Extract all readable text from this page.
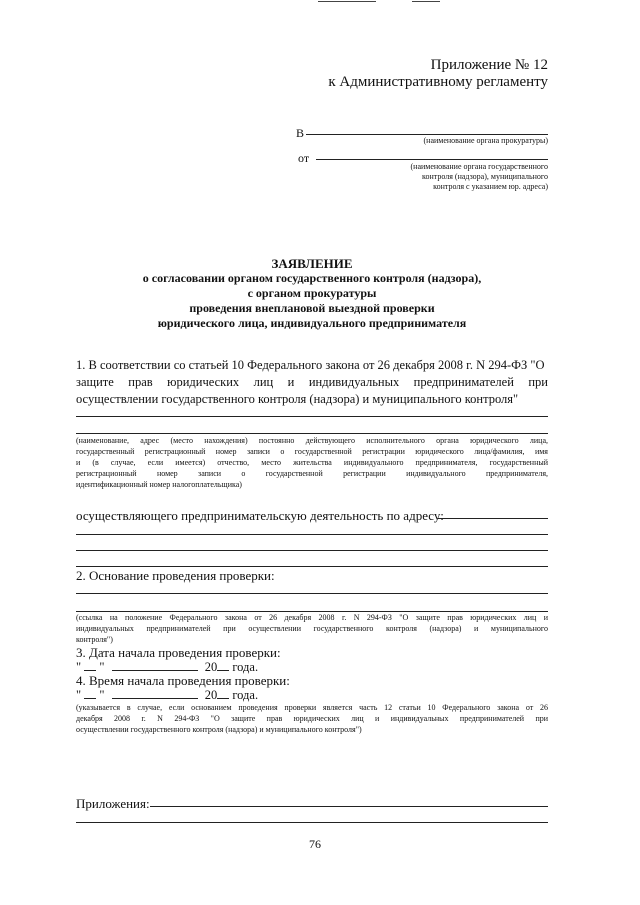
Приложение № 12
к Административному регламенту
В
(наименование органа прокуратуры)
от
(наименование органа государственного
контроля (надзора), муниципального
контроля с указанием юр. адреса)
ЗАЯВЛЕНИЕ
о согласовании органом государственного контроля (надзора),
с органом прокуратуры
проведения внеплановой выездной проверки
юридического лица, индивидуального предпринимателя
1. В соответствии со статьей 10 Федерального закона от 26 декабря 2008 г. N 294-ФЗ "О
защите прав юридических лиц и индивидуальных предпринимателей при
осуществлении государственного контроля (надзора) и муниципального контроля"
(наименование, адрес (место нахождения) постоянно действующего исполнительного органа юридического лица,
государственный регистрационный номер записи о государственной регистрации юридического лица/фамилия, имя
и (в случае, если имеется) отчество, место жительства индивидуального предпринимателя, государственный
регистрационный номер записи о государственной регистрации индивидуального предпринимателя,
идентификационный номер налогоплательщика)
осуществляющего предпринимательскую деятельность по адресу:
2. Основание проведения проверки:
(ссылка на положение Федерального закона от 26 декабря 2008 г. N 294-ФЗ "О защите прав юридических лиц и
индивидуальных предпринимателей при осуществлении государственного контроля (надзора) и муниципального
контроля")
3. Дата начала проведения проверки:
" "	20 года.
4. Время начала проведения проверки:
" "	20 года.
(указывается в случае, если основанием проведения проверки является часть 12 статьи 10 Федерального закона от 26
декабря 2008 г. N 294-ФЗ "О защите прав юридических лиц и индивидуальных предпринимателей при
осуществлении государственного контроля (надзора) и муниципального контроля")
Приложения:
76
